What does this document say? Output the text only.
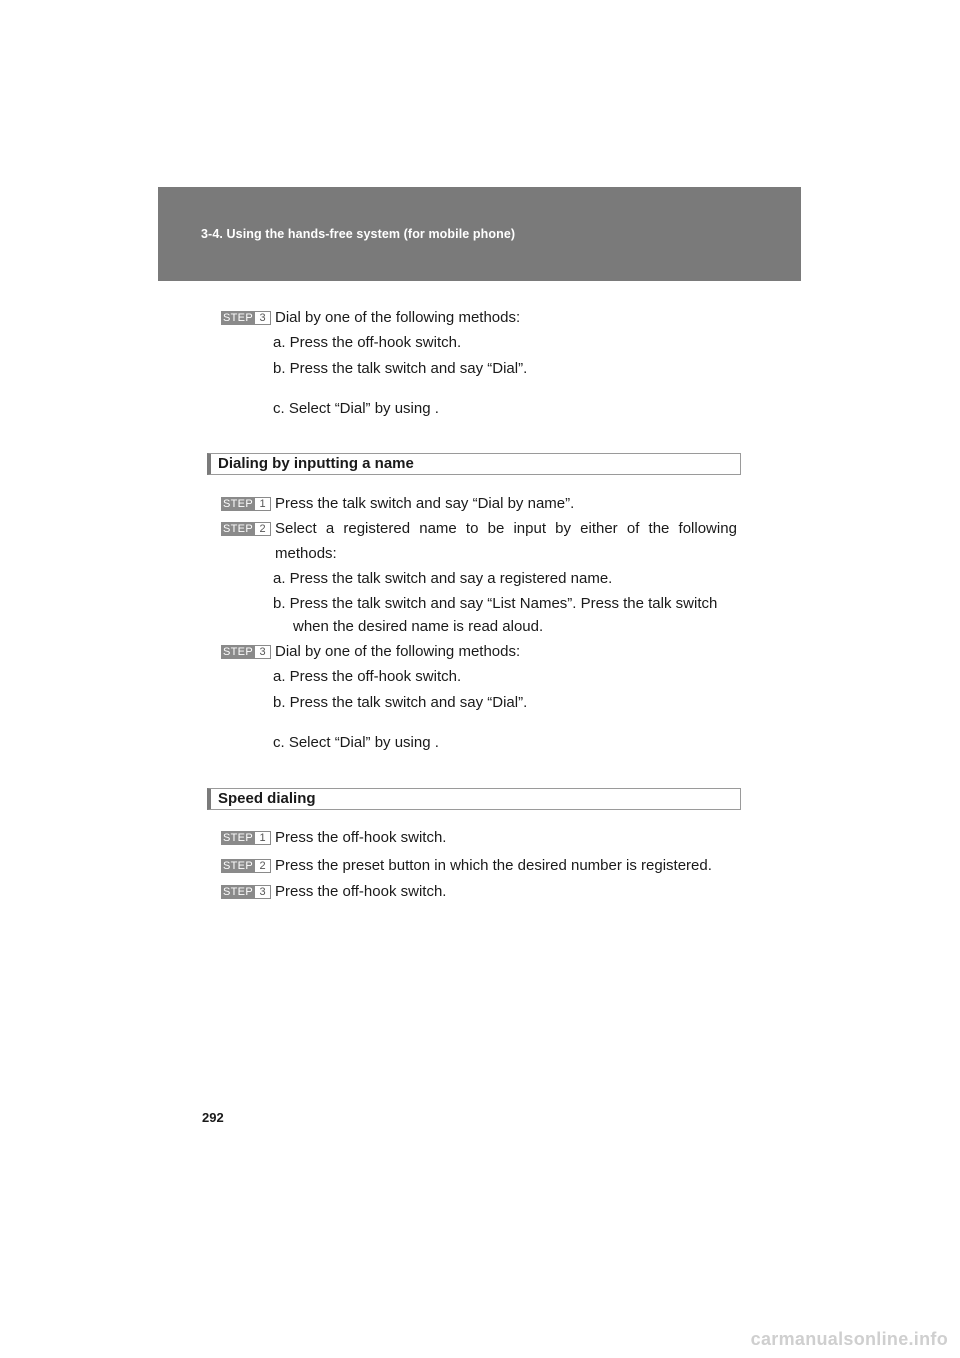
3-4. Using the hands-free system (for mobile phone)
STEP 3 Dial by one of the following methods:
a. Press the off-hook switch.
b. Press the talk switch and say “Dial”.
c. Select “Dial” by using .
Dialing by inputting a name
STEP 1 Press the talk switch and say “Dial by name”.
STEP 2 Select a registered name to be input by either of the following
methods:
a. Press the talk switch and say a registered name.
b. Press the talk switch and say “List Names”. Press the talk switch
when the desired name is read aloud.
STEP 3 Dial by one of the following methods:
a. Press the off-hook switch.
b. Press the talk switch and say “Dial”.
c. Select “Dial” by using .
Speed dialing
STEP 1 Press the off-hook switch.
STEP 2 Press the preset button in which the desired number is registered.
STEP 3 Press the off-hook switch.
292
carmanualsonline.info
